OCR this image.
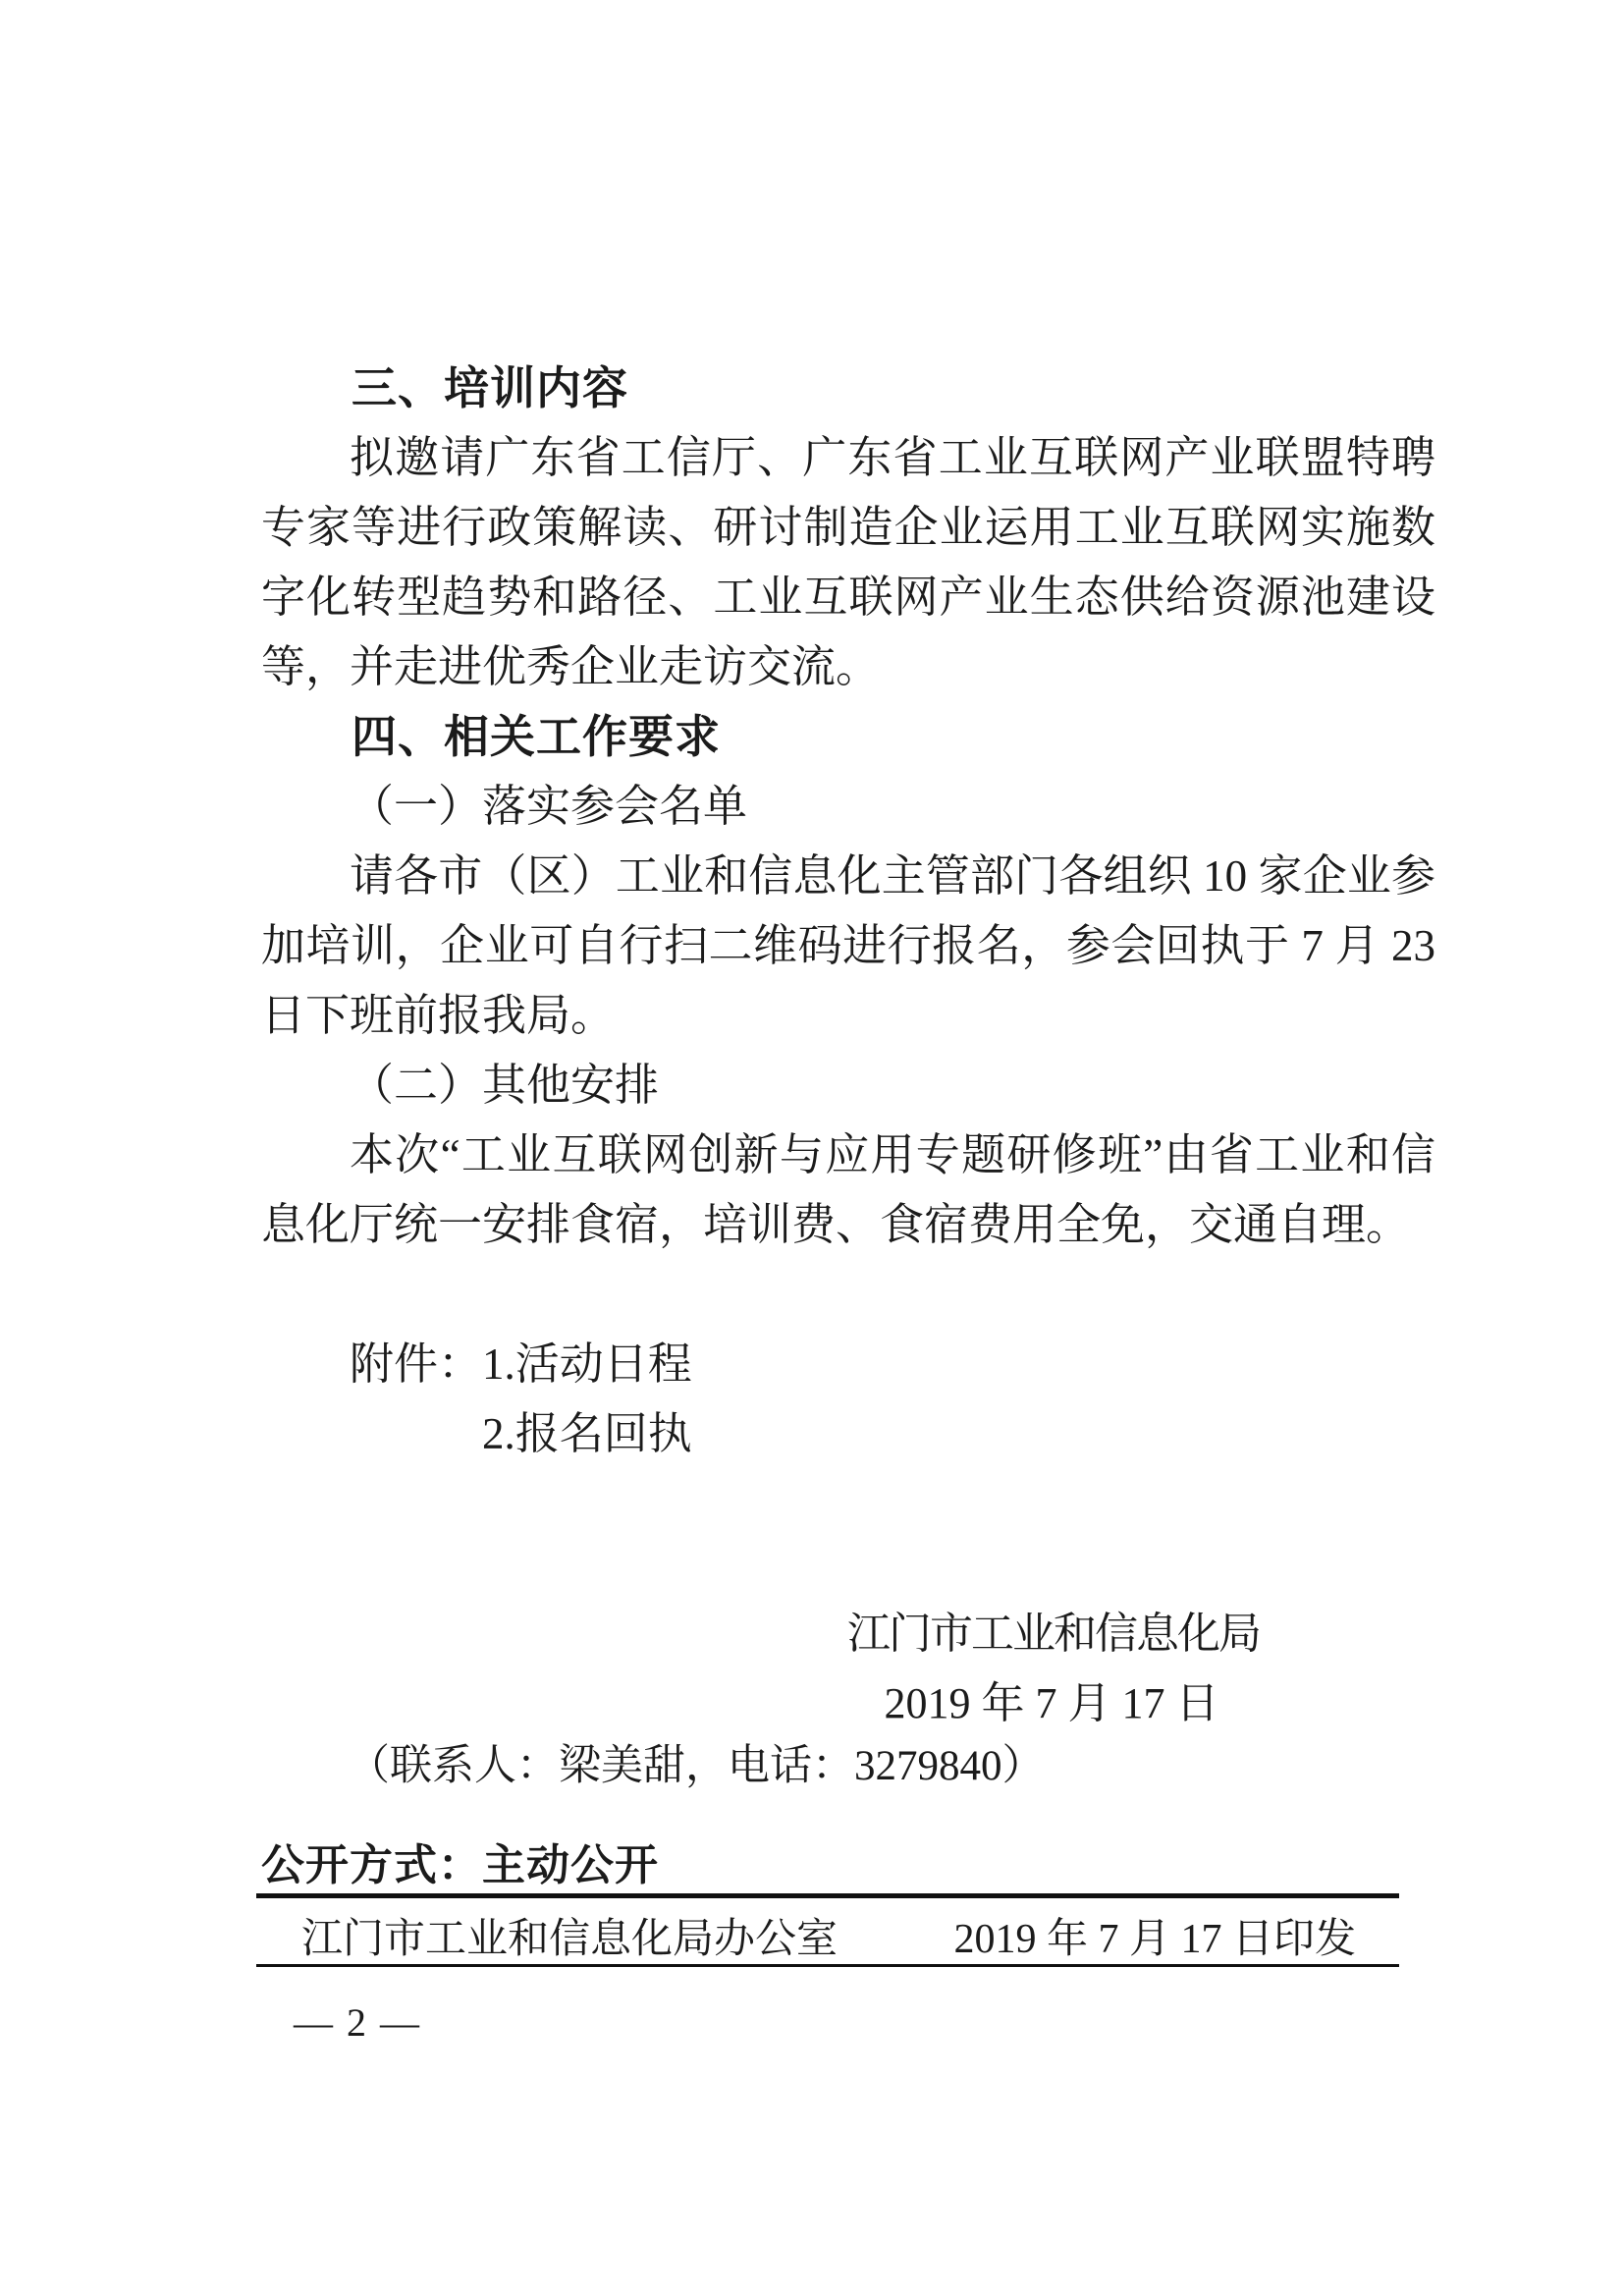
三、培训内容

拟邀请广东省工信厅、广东省工业互联网产业联盟特聘专家等进行政策解读、研讨制造企业运用工业互联网实施数字化转型趋势和路径、工业互联网产业生态供给资源池建设等，并走进优秀企业走访交流。

四、相关工作要求

（一）落实参会名单

请各市（区）工业和信息化主管部门各组织 10 家企业参加培训，企业可自行扫二维码进行报名，参会回执于 7 月 23 日下班前报我局。

（二）其他安排

本次“工业互联网创新与应用专题研修班”由省工业和信息化厅统一安排食宿，培训费、食宿费用全免，交通自理。

附件： 1.活动日程
2.报名回执
江门市工业和信息化局
2019 年 7 月 17 日
（联系人：梁美甜，电话：3279840）
公开方式：主动公开
江门市工业和信息化局办公室	2019 年 7 月 17 日印发
— 2 —
